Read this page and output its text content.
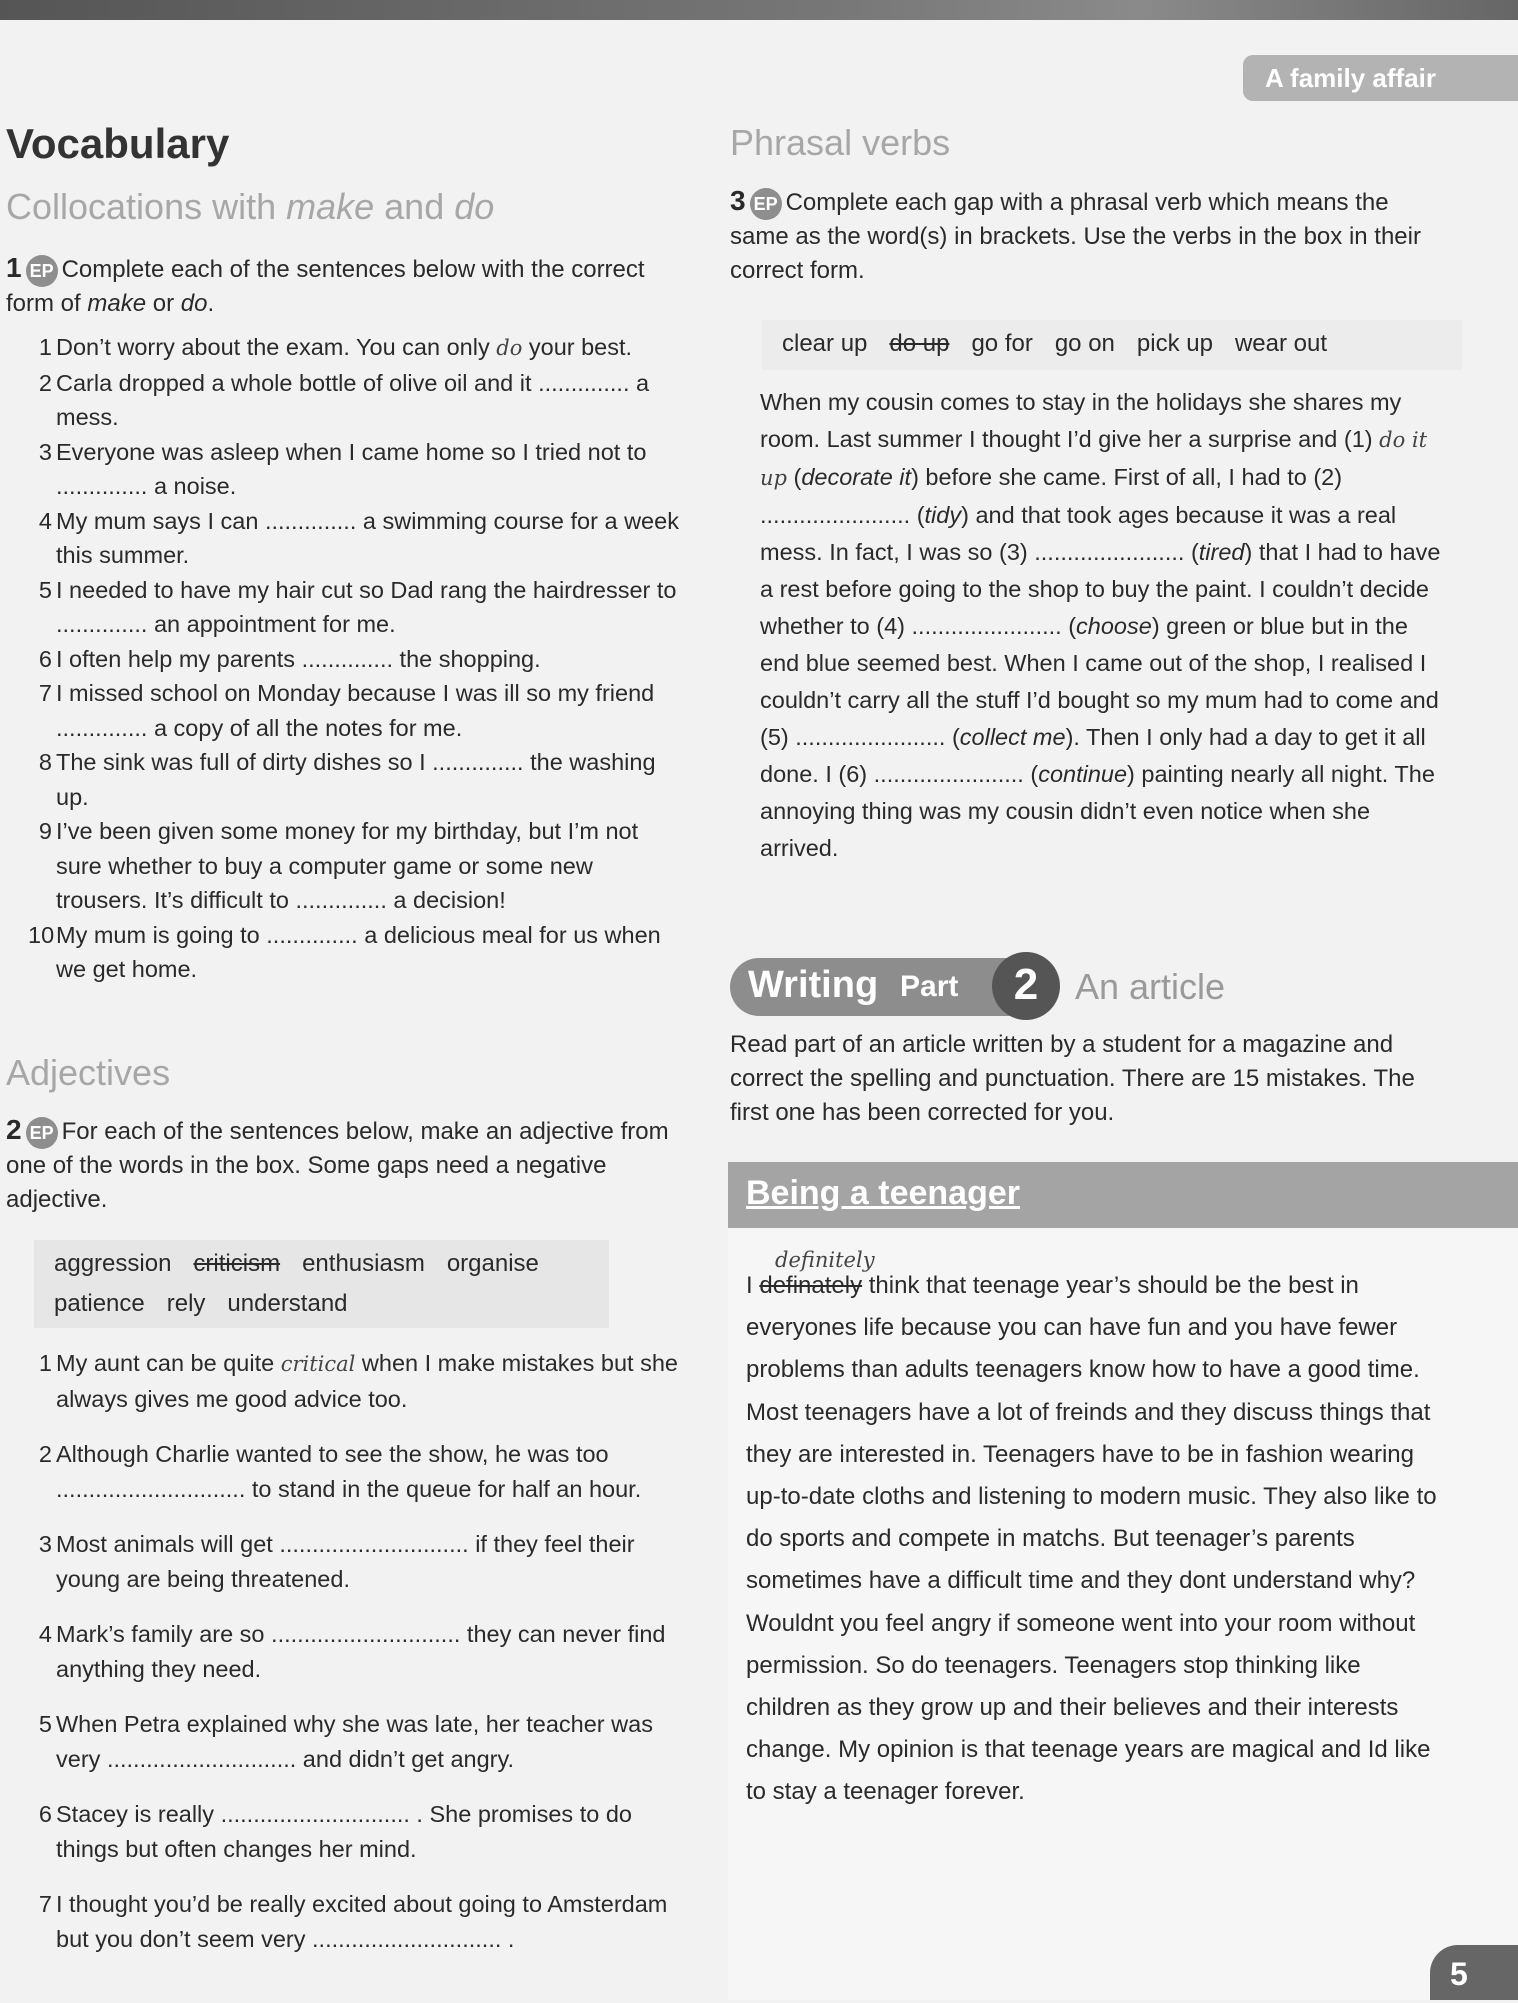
A family affair
Vocabulary
Collocations with make and do
1 EP Complete each of the sentences below with the correct form of make or do.
1 Don’t worry about the exam. You can only do your best.
2 Carla dropped a whole bottle of olive oil and it .............. a mess.
3 Everyone was asleep when I came home so I tried not to .............. a noise.
4 My mum says I can .............. a swimming course for a week this summer.
5 I needed to have my hair cut so Dad rang the hairdresser to .............. an appointment for me.
6 I often help my parents .............. the shopping.
7 I missed school on Monday because I was ill so my friend .............. a copy of all the notes for me.
8 The sink was full of dirty dishes so I .............. the washing up.
9 I’ve been given some money for my birthday, but I’m not sure whether to buy a computer game or some new trousers. It’s difficult to .............. a decision!
10 My mum is going to .............. a delicious meal for us when we get home.
Adjectives
2 EP For each of the sentences below, make an adjective from one of the words in the box. Some gaps need a negative adjective.
aggression criticism enthusiasm organise
patience rely understand
1 My aunt can be quite critical when I make mistakes but she always gives me good advice too.
2 Although Charlie wanted to see the show, he was too ............................. to stand in the queue for half an hour.
3 Most animals will get ............................. if they feel their young are being threatened.
4 Mark’s family are so ............................. they can never find anything they need.
5 When Petra explained why she was late, her teacher was very ............................. and didn’t get angry.
6 Stacey is really ............................. . She promises to do things but often changes her mind.
7 I thought you’d be really excited about going to Amsterdam but you don’t seem very ............................. .
Phrasal verbs
3 EP Complete each gap with a phrasal verb which means the same as the word(s) in brackets. Use the verbs in the box in their correct form.
clear up do up go for go on pick up wear out
When my cousin comes to stay in the holidays she shares my room. Last summer I thought I’d give her a surprise and (1) do it up (decorate it) before she came. First of all, I had to (2) ....................... (tidy) and that took ages because it was a real mess. In fact, I was so (3) ....................... (tired) that I had to have a rest before going to the shop to buy the paint. I couldn’t decide whether to (4) ....................... (choose) green or blue but in the end blue seemed best. When I came out of the shop, I realised I couldn’t carry all the stuff I’d bought so my mum had to come and (5) ....................... (collect me). Then I only had a day to get it all done. I (6) ....................... (continue) painting nearly all night. The annoying thing was my cousin didn’t even notice when she arrived.
Writing Part	2	An article
Read part of an article written by a student for a magazine and correct the spelling and punctuation. There are 15 mistakes. The first one has been corrected for you.
Being a teenager
definitely
I definately think that teenage year’s should be the best in everyones life because you can have fun and you have fewer problems than adults teenagers know how to have a good time. Most teenagers have a lot of freinds and they discuss things that they are interested in. Teenagers have to be in fashion wearing up-to-date cloths and listening to modern music. They also like to do sports and compete in matchs. But teenager’s parents sometimes have a difficult time and they dont understand why? Wouldnt you feel angry if someone went into your room without permission. So do teenagers. Teenagers stop thinking like children as they grow up and their believes and their interests change. My opinion is that teenage years are magical and Id like to stay a teenager forever.
5
